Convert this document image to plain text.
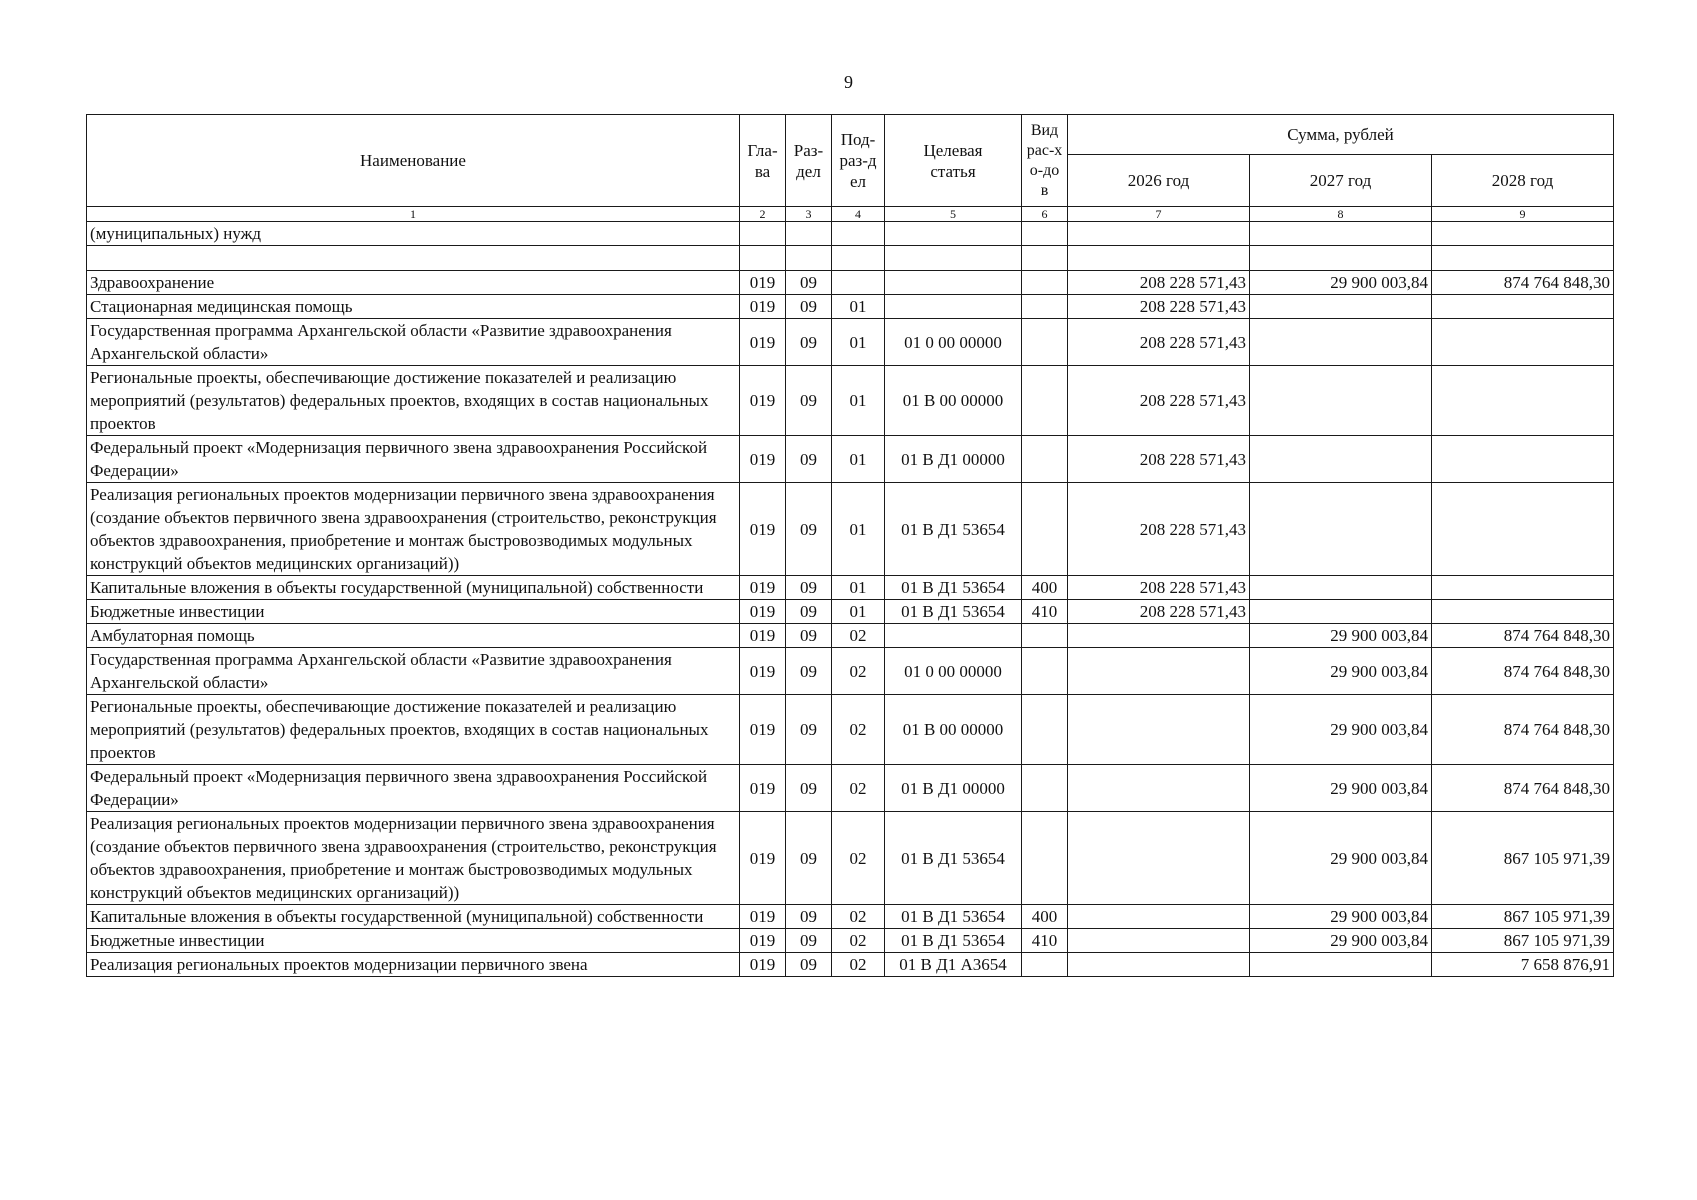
9
Наименование	Гла-ва	Раз-дел	Под-раз-дел	Целевая статья	Вид рас-хо-дов	Сумма, рублей		
						2026 год	2027 год	2028 год
1	2	3	4	5	6	7	8	9
(муниципальных) нужд								

Здравоохранение	019	09				208 228 571,43	29 900 003,84	874 764 848,30
Стационарная медицинская помощь	019	09	01			208 228 571,43		
Государственная программа Архангельской области «Развитие здравоохранения Архангельской области»	019	09	01	01 0 00 00000		208 228 571,43		
Региональные проекты, обеспечивающие достижение показателей и реализацию мероприятий (результатов) федеральных проектов, входящих в состав национальных проектов	019	09	01	01 В 00 00000		208 228 571,43		
Федеральный проект «Модернизация первичного звена здравоохранения Российской Федерации»	019	09	01	01 В Д1 00000		208 228 571,43		
Реализация региональных проектов модернизации первичного звена здравоохранения (создание объектов первичного звена здравоохранения (строительство, реконструкция объектов здравоохранения, приобретение и монтаж быстровозводимых модульных конструкций объектов медицинских организаций))	019	09	01	01 В Д1 53654		208 228 571,43		
Капитальные вложения в объекты государственной (муниципальной) собственности	019	09	01	01 В Д1 53654	400	208 228 571,43		
Бюджетные инвестиции	019	09	01	01 В Д1 53654	410	208 228 571,43		
Амбулаторная помощь	019	09	02				29 900 003,84	874 764 848,30
Государственная программа Архангельской области «Развитие здравоохранения Архангельской области»	019	09	02	01 0 00 00000			29 900 003,84	874 764 848,30
Региональные проекты, обеспечивающие достижение показателей и реализацию мероприятий (результатов) федеральных проектов, входящих в состав национальных проектов	019	09	02	01 В 00 00000			29 900 003,84	874 764 848,30
Федеральный проект «Модернизация первичного звена здравоохранения Российской Федерации»	019	09	02	01 В Д1 00000			29 900 003,84	874 764 848,30
Реализация региональных проектов модернизации первичного звена здравоохранения (создание объектов первичного звена здравоохранения (строительство, реконструкция объектов здравоохранения, приобретение и монтаж быстровозводимых модульных конструкций объектов медицинских организаций))	019	09	02	01 В Д1 53654			29 900 003,84	867 105 971,39
Капитальные вложения в объекты государственной (муниципальной) собственности	019	09	02	01 В Д1 53654	400		29 900 003,84	867 105 971,39
Бюджетные инвестиции	019	09	02	01 В Д1 53654	410		29 900 003,84	867 105 971,39
Реализация региональных проектов модернизации первичного звена	019	09	02	01 В Д1 А3654				7 658 876,91
